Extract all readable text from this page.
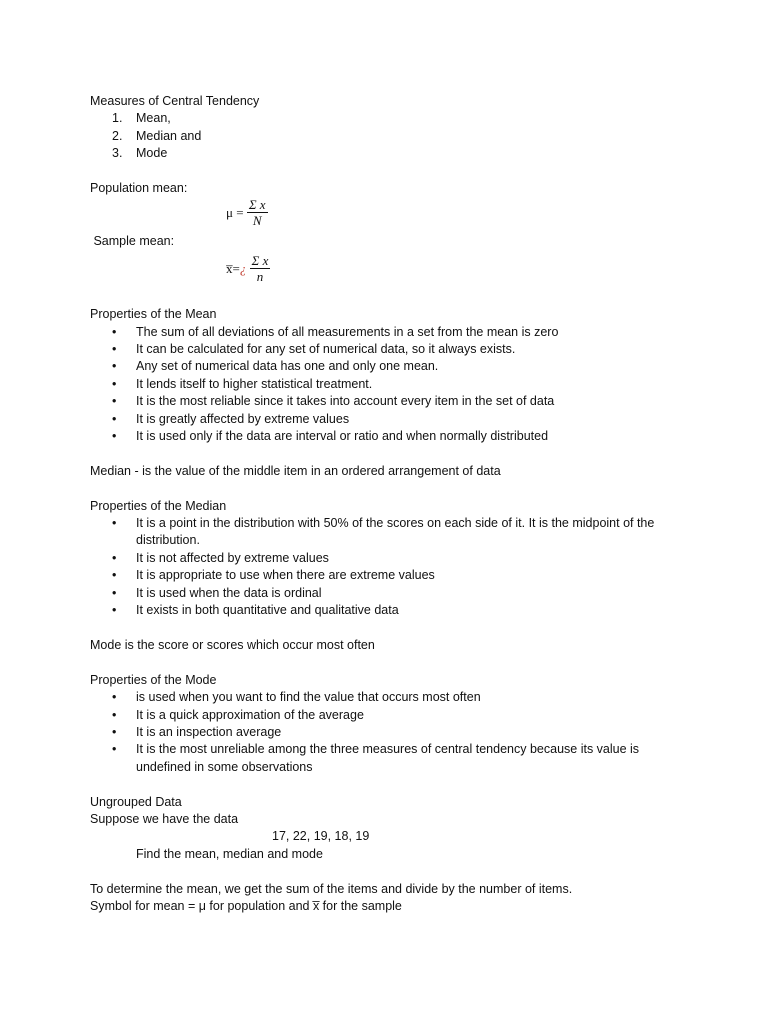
Measures of Central Tendency

1.	Mean,
2.	Median and
3.	Mode

Population mean:

$\mu = \frac{\text{Σ x}}{N}$

Sample mean:

x̅=¿ $\frac{\text{Σ x}}{n}$

Properties of the Mean

• The sum of all deviations of all measurements in a set from the mean is zero
• It can be calculated for any set of numerical data, so it always exists.
• Any set of numerical data has one and only one mean.
• It lends itself to higher statistical treatment.
• It is the most reliable since it takes into account every item in the set of data
• It is greatly affected by extreme values
• It is used only if the data are interval or ratio and when normally distributed

Median - is the value of the middle item in an ordered arrangement of data

Properties of the Median

• It is a point in the distribution with 50% of the scores on each side of it. It is the midpoint of the distribution.
• It is not affected by extreme values
• It is appropriate to use when there are extreme values
• It is used when the data is ordinal
• It exists in both quantitative and qualitative data

Mode is the score or scores which occur most often

Properties of the Mode

• is used when you want to find the value that occurs most often
• It is a quick approximation of the average
• It is an inspection average
• It is the most unreliable among the three measures of central tendency because its value is undefined in some observations

Ungrouped Data

Suppose we have the data

17, 22, 19, 18, 19

Find the mean, median and mode

To determine the mean, we get the sum of the items and divide by the number of items.

Symbol for mean = μ for population and x̅ for the sample
